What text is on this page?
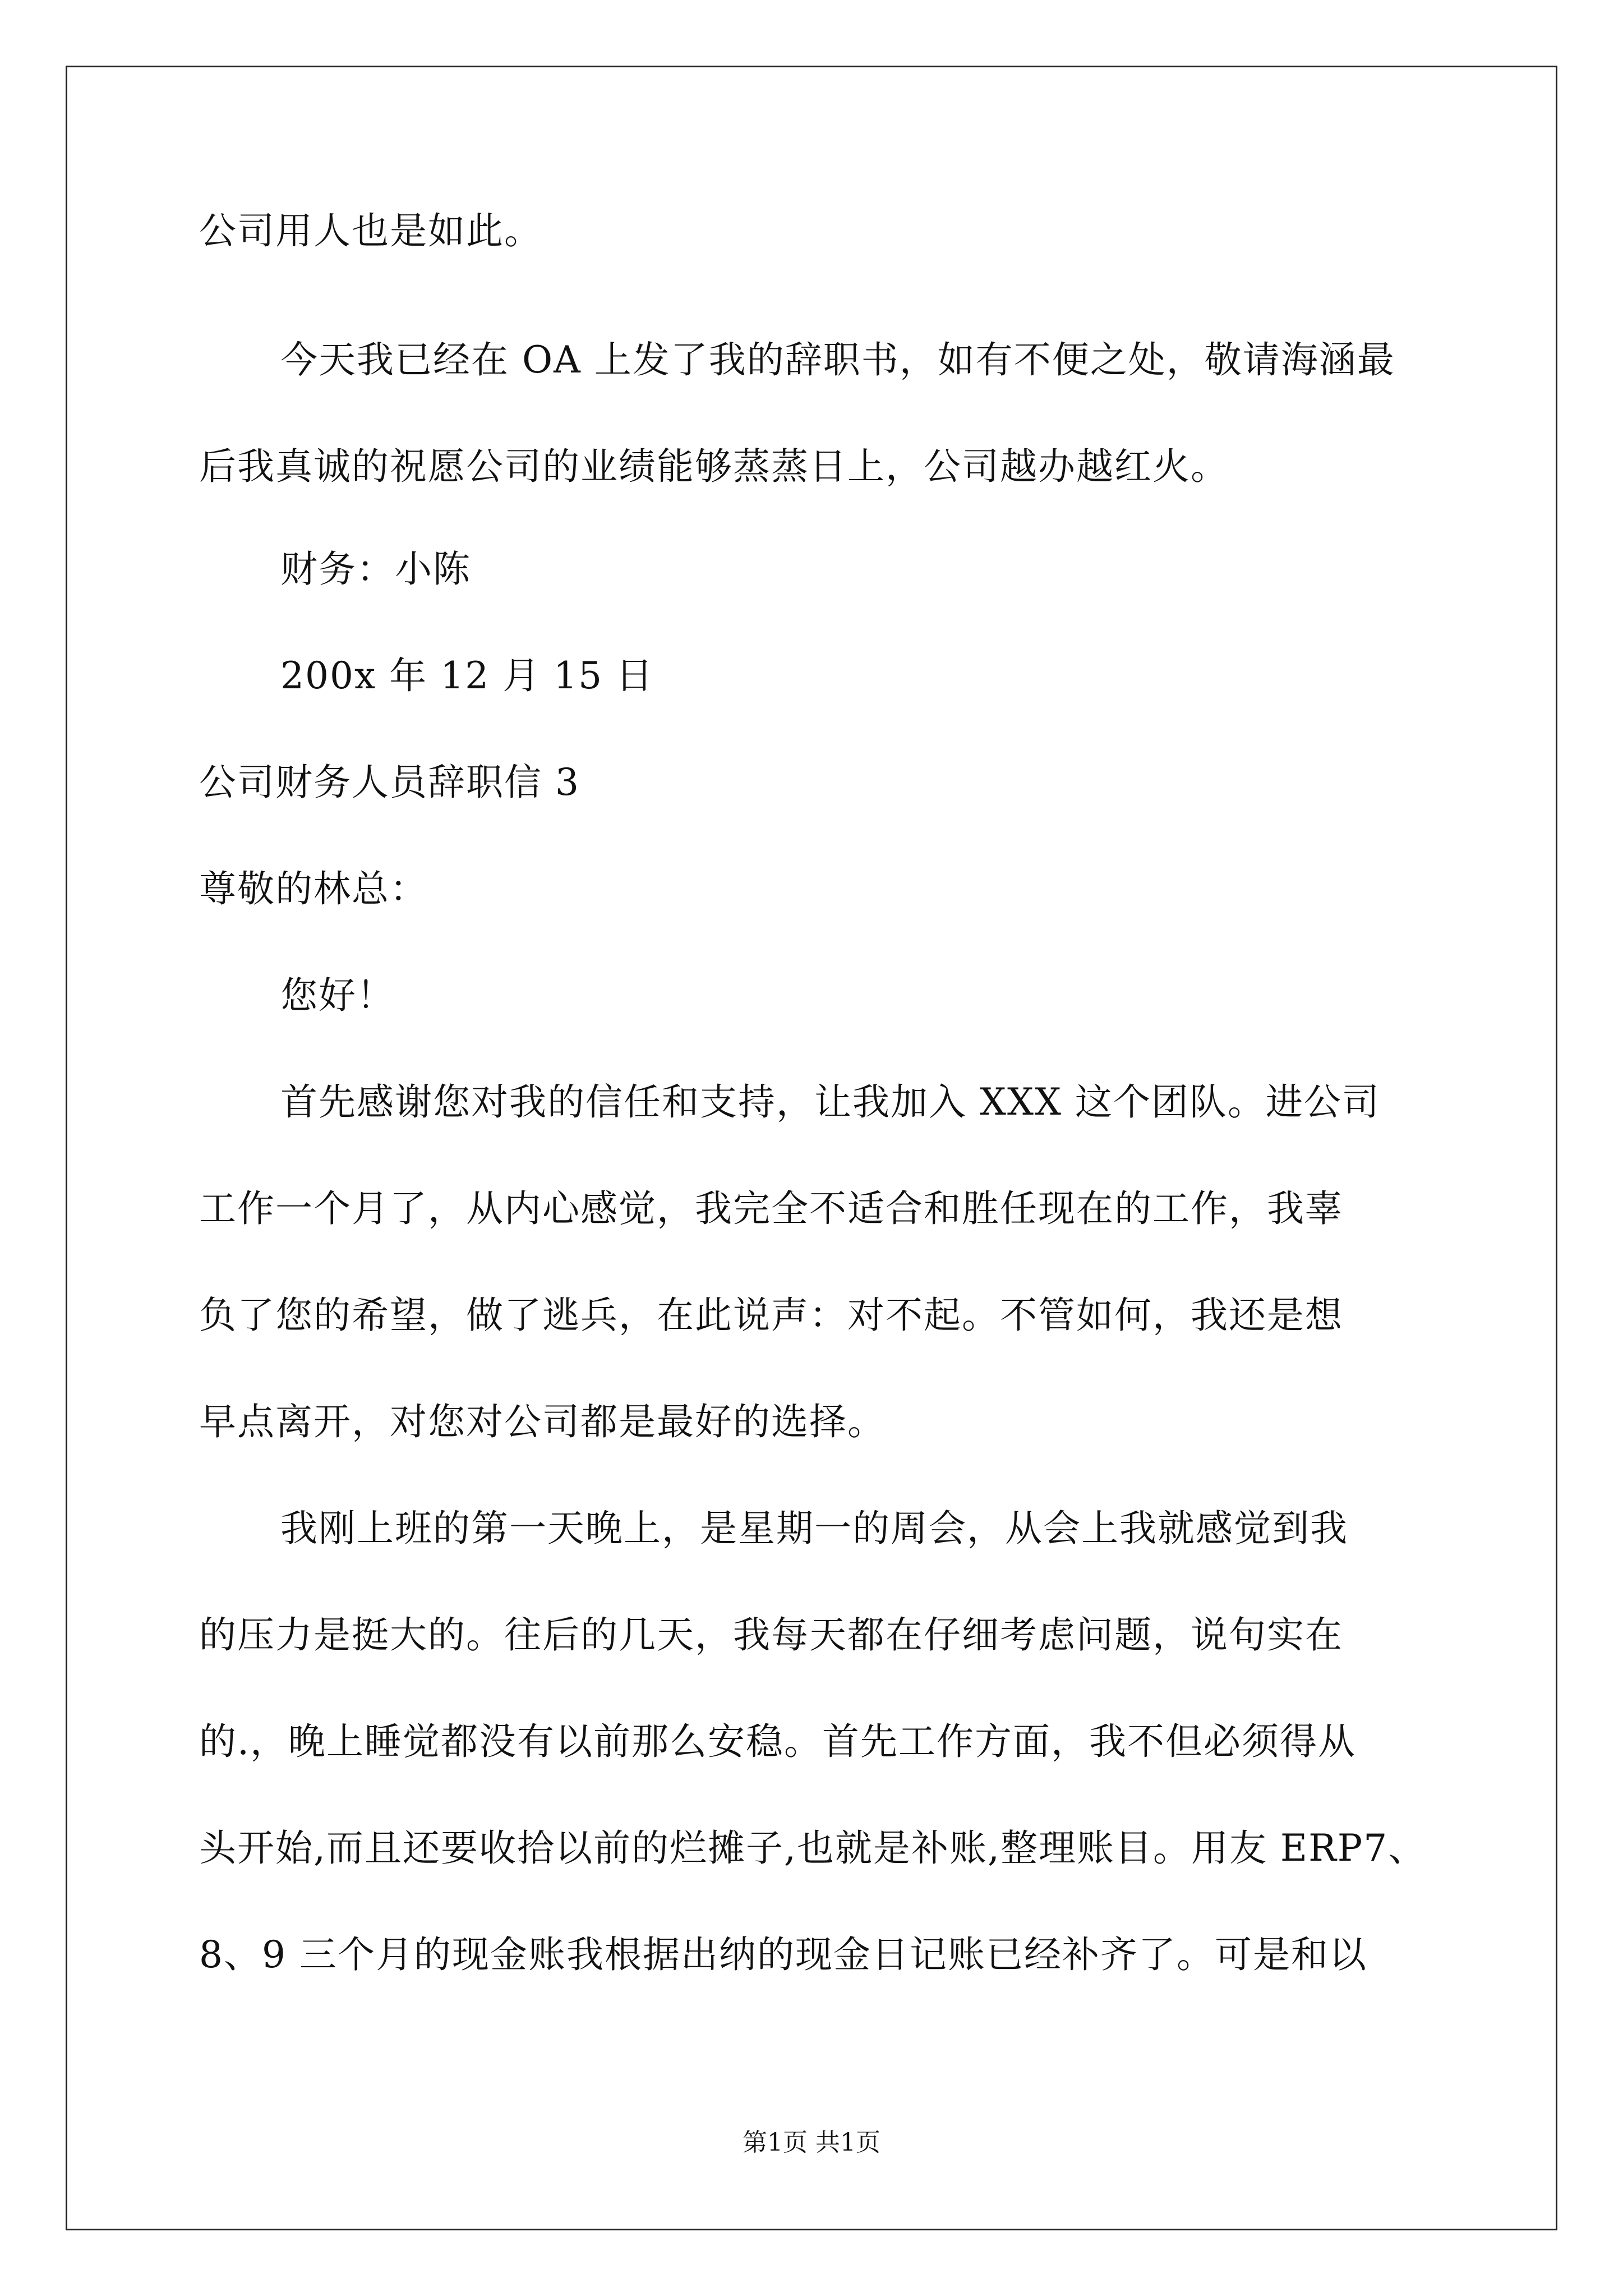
公司用人也是如此。
今天我已经在 OA 上发了我的辞职书，如有不便之处，敬请海涵最
后我真诚的祝愿公司的业绩能够蒸蒸日上，公司越办越红火。
财务：小陈
200x 年 12 月 15 日
公司财务人员辞职信 3
尊敬的林总：
您好！
首先感谢您对我的信任和支持，让我加入 XXX 这个团队。进公司
工作一个月了，从内心感觉，我完全不适合和胜任现在的工作，我辜
负了您的希望，做了逃兵，在此说声：对不起。不管如何，我还是想
早点离开，对您对公司都是最好的选择。
我刚上班的第一天晚上，是星期一的周会，从会上我就感觉到我
的压力是挺大的。往后的几天，我每天都在仔细考虑问题，说句实在
的.，晚上睡觉都没有以前那么安稳。首先工作方面，我不但必须得从
头开始,而且还要收拾以前的烂摊子,也就是补账,整理账目。用友 ERP7、
8、9 三个月的现金账我根据出纳的现金日记账已经补齐了。可是和以
第1页 共1页
